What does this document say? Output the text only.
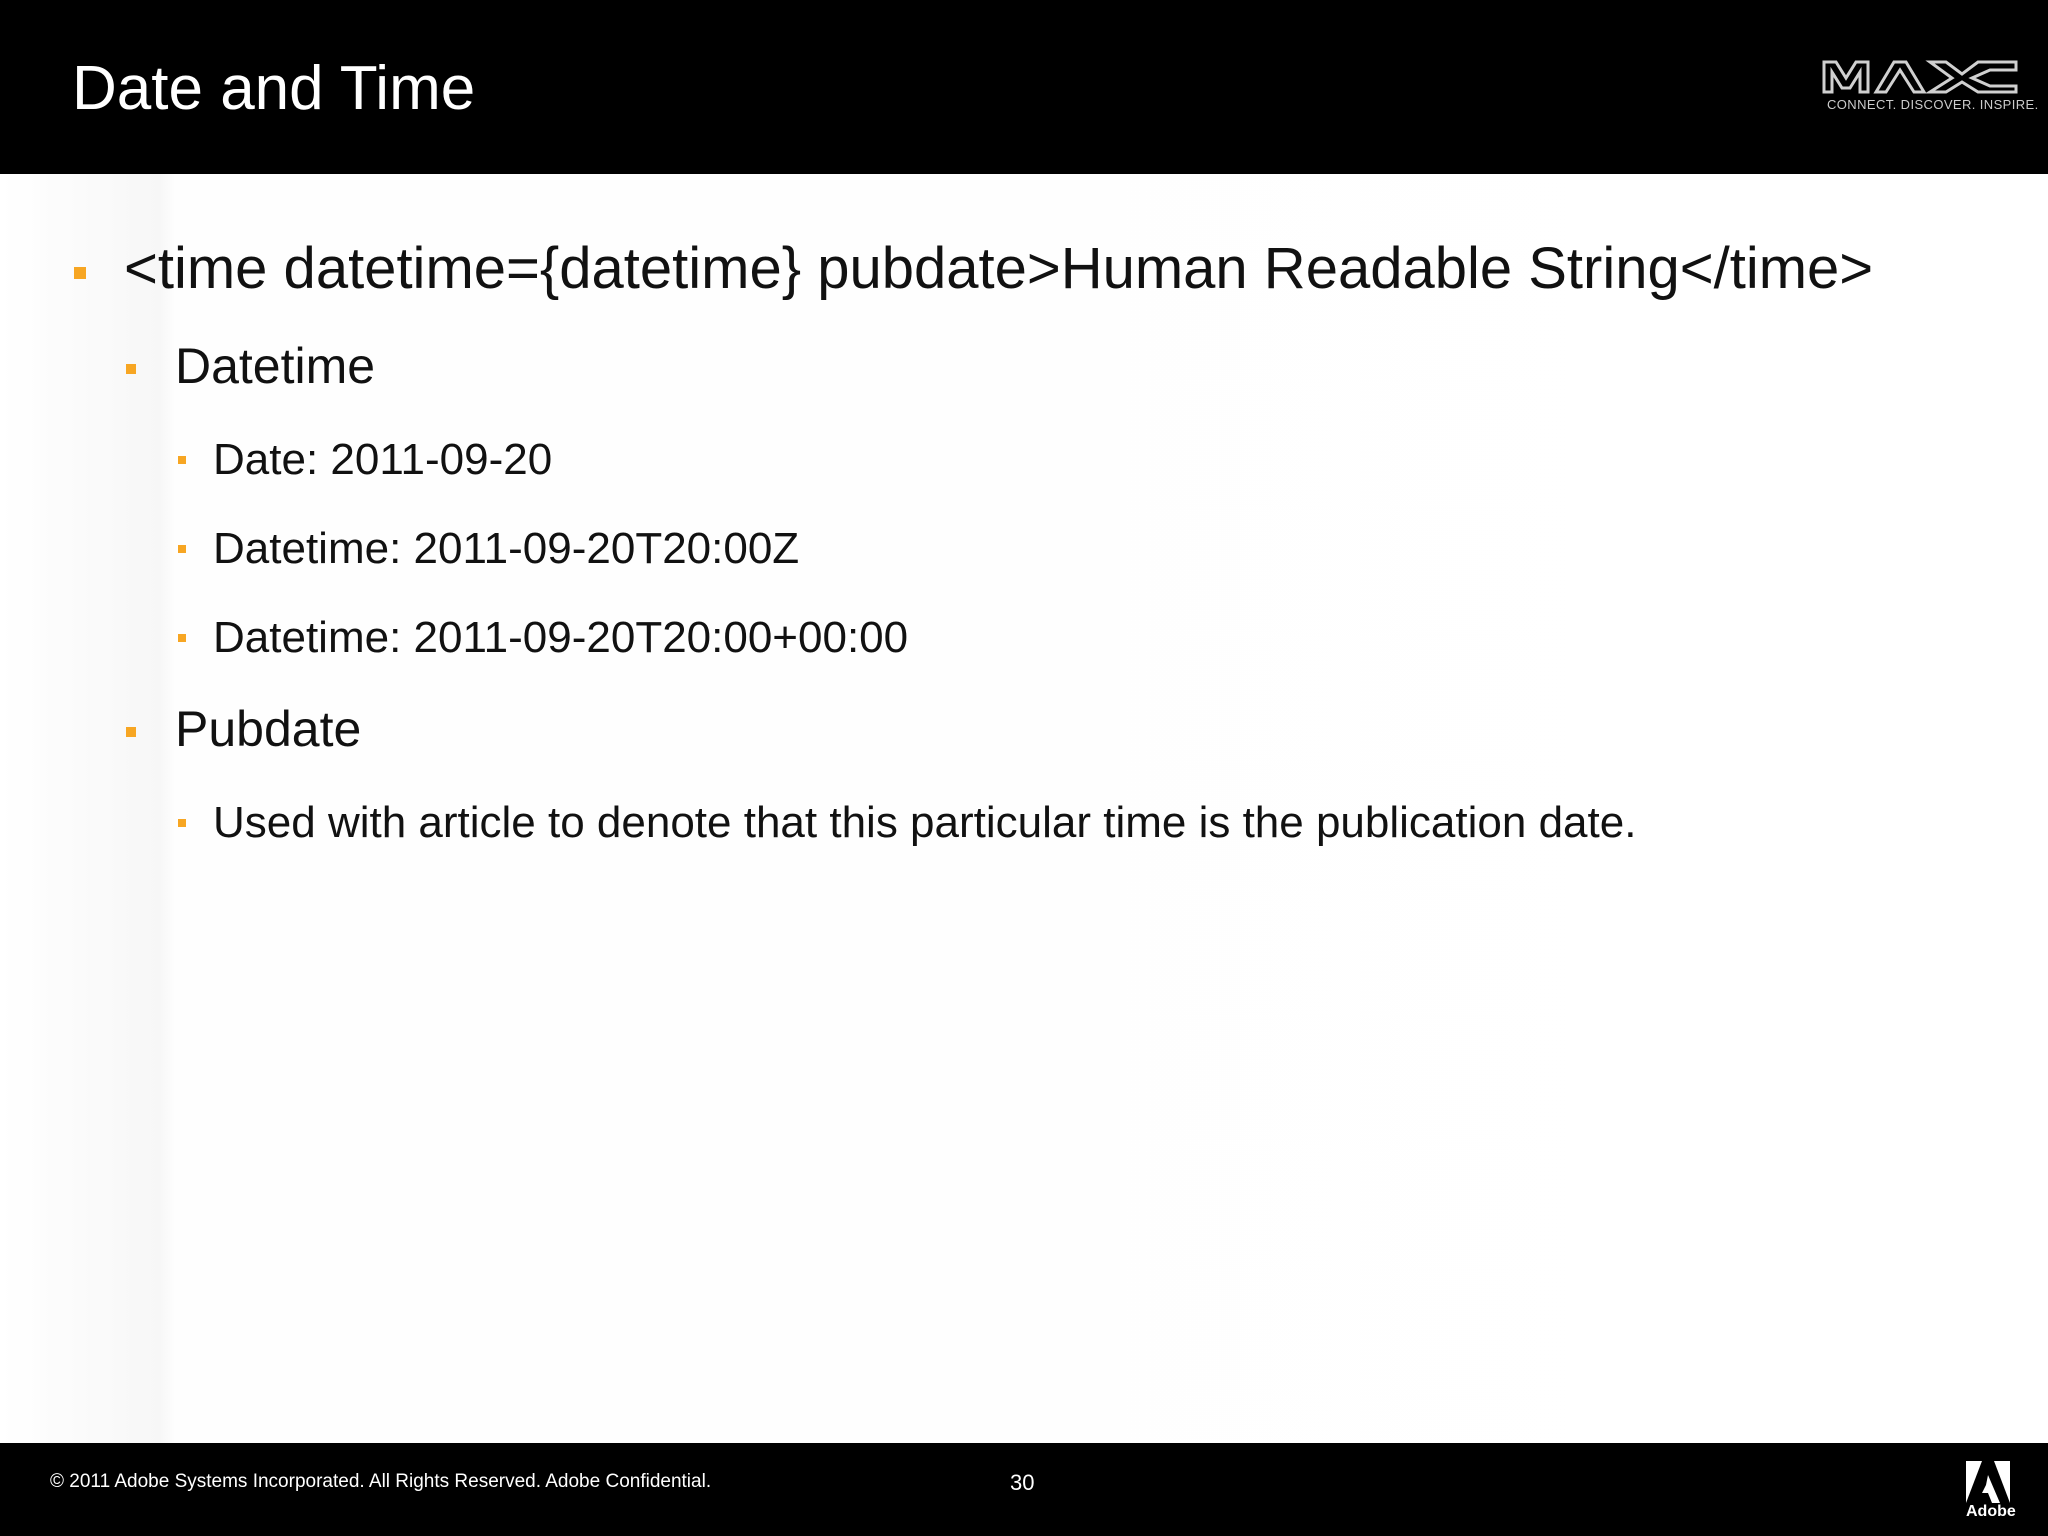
Date and Time	CONNECT. DISCOVER. INSPIRE.
<time datetime={datetime} pubdate>Human Readable String</time>
Datetime
Date: 2011-09-20
Datetime: 2011-09-20T20:00Z
Datetime: 2011-09-20T20:00+00:00
Pubdate
Used with article to denote that this particular time is the publication date.
© 2011 Adobe Systems Incorporated. All Rights Reserved. Adobe Confidential.	30
Adobe
